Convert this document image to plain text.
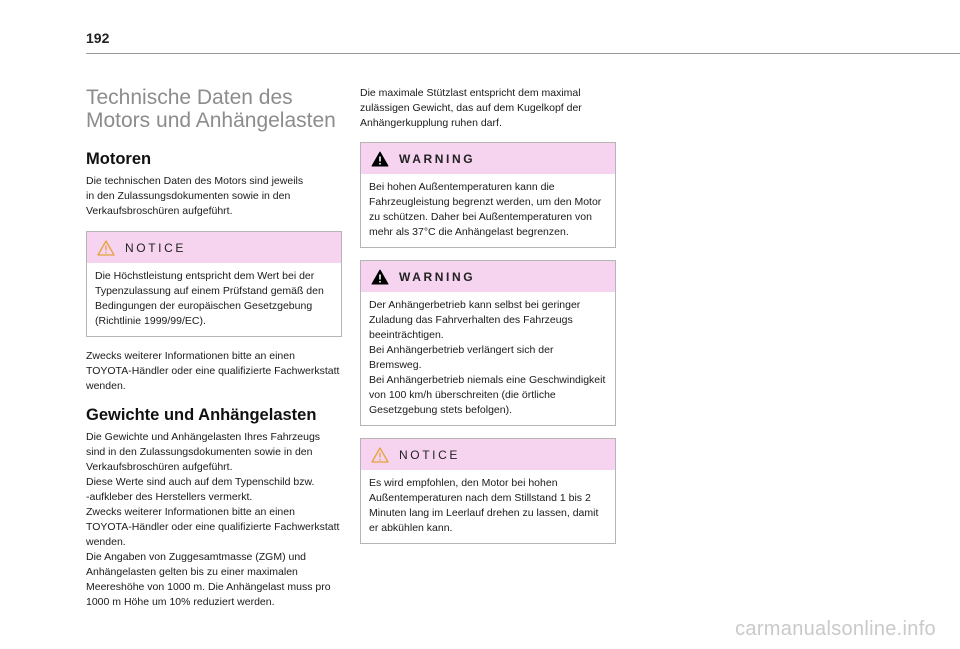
192
Technische Daten des
Motors und Anhängelasten
Motoren

Die technischen Daten des Motors sind jeweils
in den Zulassungsdokumenten sowie in den
Verkaufsbroschüren aufgeführt.

NOTICE
Die Höchstleistung entspricht dem Wert bei der
Typenzulassung auf einem Prüfstand gemäß den
Bedingungen der europäischen Gesetzgebung
(Richtlinie 1999/99/EC).

Zwecks weiterer Informationen bitte an einen
TOYOTA-Händler oder eine qualifizierte Fachwerkstatt
wenden.

Gewichte und Anhängelasten

Die Gewichte und Anhängelasten Ihres Fahrzeugs
sind in den Zulassungsdokumenten sowie in den
Verkaufsbroschüren aufgeführt.
Diese Werte sind auch auf dem Typenschild bzw.
-aufkleber des Herstellers vermerkt.
Zwecks weiterer Informationen bitte an einen
TOYOTA-Händler oder eine qualifizierte Fachwerkstatt
wenden.
Die Angaben von Zuggesamtmasse (ZGM) und
Anhängelasten gelten bis zu einer maximalen
Meereshöhe von 1000 m. Die Anhängelast muss pro
1000 m Höhe um 10% reduziert werden.

Die maximale Stützlast entspricht dem maximal
zulässigen Gewicht, das auf dem Kugelkopf der
Anhängerkupplung ruhen darf.

WARNING
Bei hohen Außentemperaturen kann die
Fahrzeugleistung begrenzt werden, um den Motor
zu schützen. Daher bei Außentemperaturen von
mehr als 37°C die Anhängelast begrenzen.
WARNING
Der Anhängerbetrieb kann selbst bei geringer
Zuladung das Fahrverhalten des Fahrzeugs
beeinträchtigen.
Bei Anhängerbetrieb verlängert sich der
Bremsweg.
Bei Anhängerbetrieb niemals eine Geschwindigkeit
von 100 km/h überschreiten (die örtliche
Gesetzgebung stets befolgen).
NOTICE
Es wird empfohlen, den Motor bei hohen
Außentemperaturen nach dem Stillstand 1 bis 2
Minuten lang im Leerlauf drehen zu lassen, damit
er abkühlen kann.
carmanualsonline.info
